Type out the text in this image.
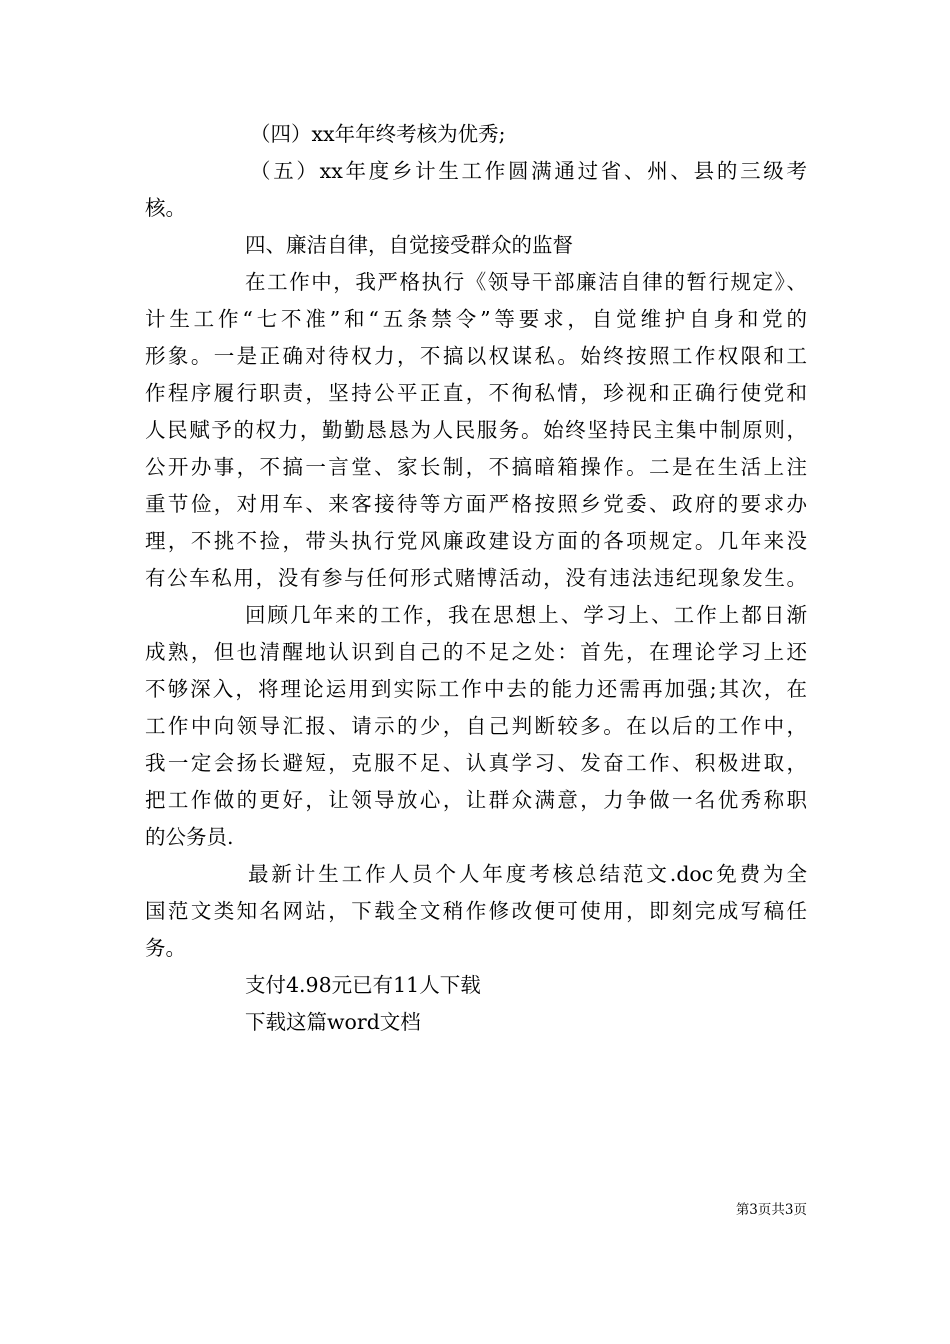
（四）xx年年终考核为优秀;
（五）xx年度乡计生工作圆满通过省、州、县的三级考
核。
四、廉洁自律，自觉接受群众的监督
在工作中，我严格执行《领导干部廉洁自律的暂行规定》、
计生工作“七不准”和“五条禁令”等要求，自觉维护自身和党的
形象。一是正确对待权力，不搞以权谋私。始终按照工作权限和工
作程序履行职责，坚持公平正直，不徇私情，珍视和正确行使党和
人民赋予的权力，勤勤恳恳为人民服务。始终坚持民主集中制原则，
公开办事，不搞一言堂、家长制，不搞暗箱操作。二是在生活上注
重节俭，对用车、来客接待等方面严格按照乡党委、政府的要求办
理，不挑不捡，带头执行党风廉政建设方面的各项规定。几年来没
有公车私用，没有参与任何形式赌博活动，没有违法违纪现象发生。
回顾几年来的工作，我在思想上、学习上、工作上都日渐
成熟，但也清醒地认识到自己的不足之处：首先，在理论学习上还
不够深入，将理论运用到实际工作中去的能力还需再加强;其次，在
工作中向领导汇报、请示的少，自己判断较多。在以后的工作中，
我一定会扬长避短，克服不足、认真学习、发奋工作、积极进取，
把工作做的更好，让领导放心，让群众满意，力争做一名优秀称职
的公务员.
最新计生工作人员个人年度考核总结范文.doc免费为全
国范文类知名网站，下载全文稍作修改便可使用，即刻完成写稿任
务。
支付4.98元已有11人下载
下载这篇word文档
第3页共3页
